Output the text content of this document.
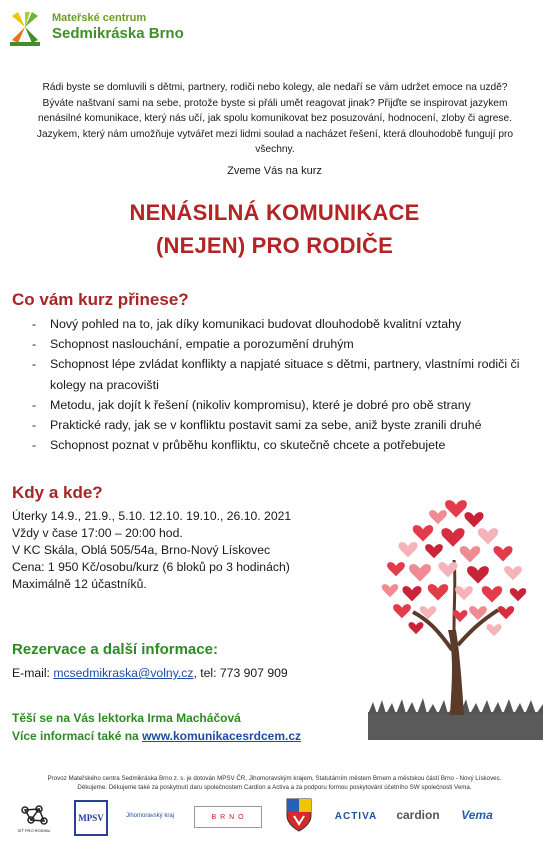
Mateřské centrum
Sedmikráska Brno
Rádi byste se domluvili s dětmi, partnery, rodiči nebo kolegy, ale nedaří se vám udržet emoce na uzdě? Býváte naštvaní sami na sebe, protože byste si přáli umět reagovat jinak? Přijďte se inspirovat jazykem nenásilné komunikace, který nás učí, jak spolu komunikovat bez posuzování, hodnocení, zloby či agrese. Jazykem, který nám umožňuje vytvářet mezi lidmi soulad a nacházet řešení, která dlouhodobě fungují pro všechny.
Zveme Vás na kurz
NENÁSILNÁ KOMUNIKACE
(NEJEN) PRO RODIČE
Co vám kurz přinese?
- Nový pohled na to, jak díky komunikaci budovat dlouhodobě kvalitní vztahy
- Schopnost naslouchání, empatie a porozumění druhým
- Schopnost lépe zvládat konflikty a napjaté situace s dětmi, partnery, vlastními rodiči či kolegy na pracovišti
- Metodu, jak dojít k řešení (nikoliv kompromisu), které je dobré pro obě strany
- Praktické rady, jak se v konfliktu postavit sami za sebe, aniž byste zranili druhé
- Schopnost poznat v průběhu konfliktu, co skutečně chcete a potřebujete
Kdy a kde?
Úterky 14.9., 21.9., 5.10. 12.10. 19.10., 26.10. 2021
Vždy v čase 17:00 – 20:00 hod.
V KC Skála, Oblá 505/54a, Brno-Nový Lískovec
Cena: 1 950 Kč/osobu/kurz (6 bloků po 3 hodinách)
Maximálně 12 účastníků.
Rezervace a další informace:
E-mail: mcsedmikraska@volny.cz, tel: 773 907 909
Těší se na Vás lektorka Irma Macháčová
Více informací také na www.komunikacesrdcem.cz
Provoz Mateřského centra Sedmikráska Brno z. s. je dotován MPSV ČR, Jihomoravským krajem, Statutárním městem Brnem a městskou částí Brno - Nový Lískovec.
Děkujeme. Děkujeme také za poskytnutí daru společnostem Cardion a Activa a za podporu formou poskytování účetního SW společnosti Vema.
SÍŤ PRO RODINU
MPSV	Jihomoravský kraj	B R N O	ACTIVA cardion Vema
